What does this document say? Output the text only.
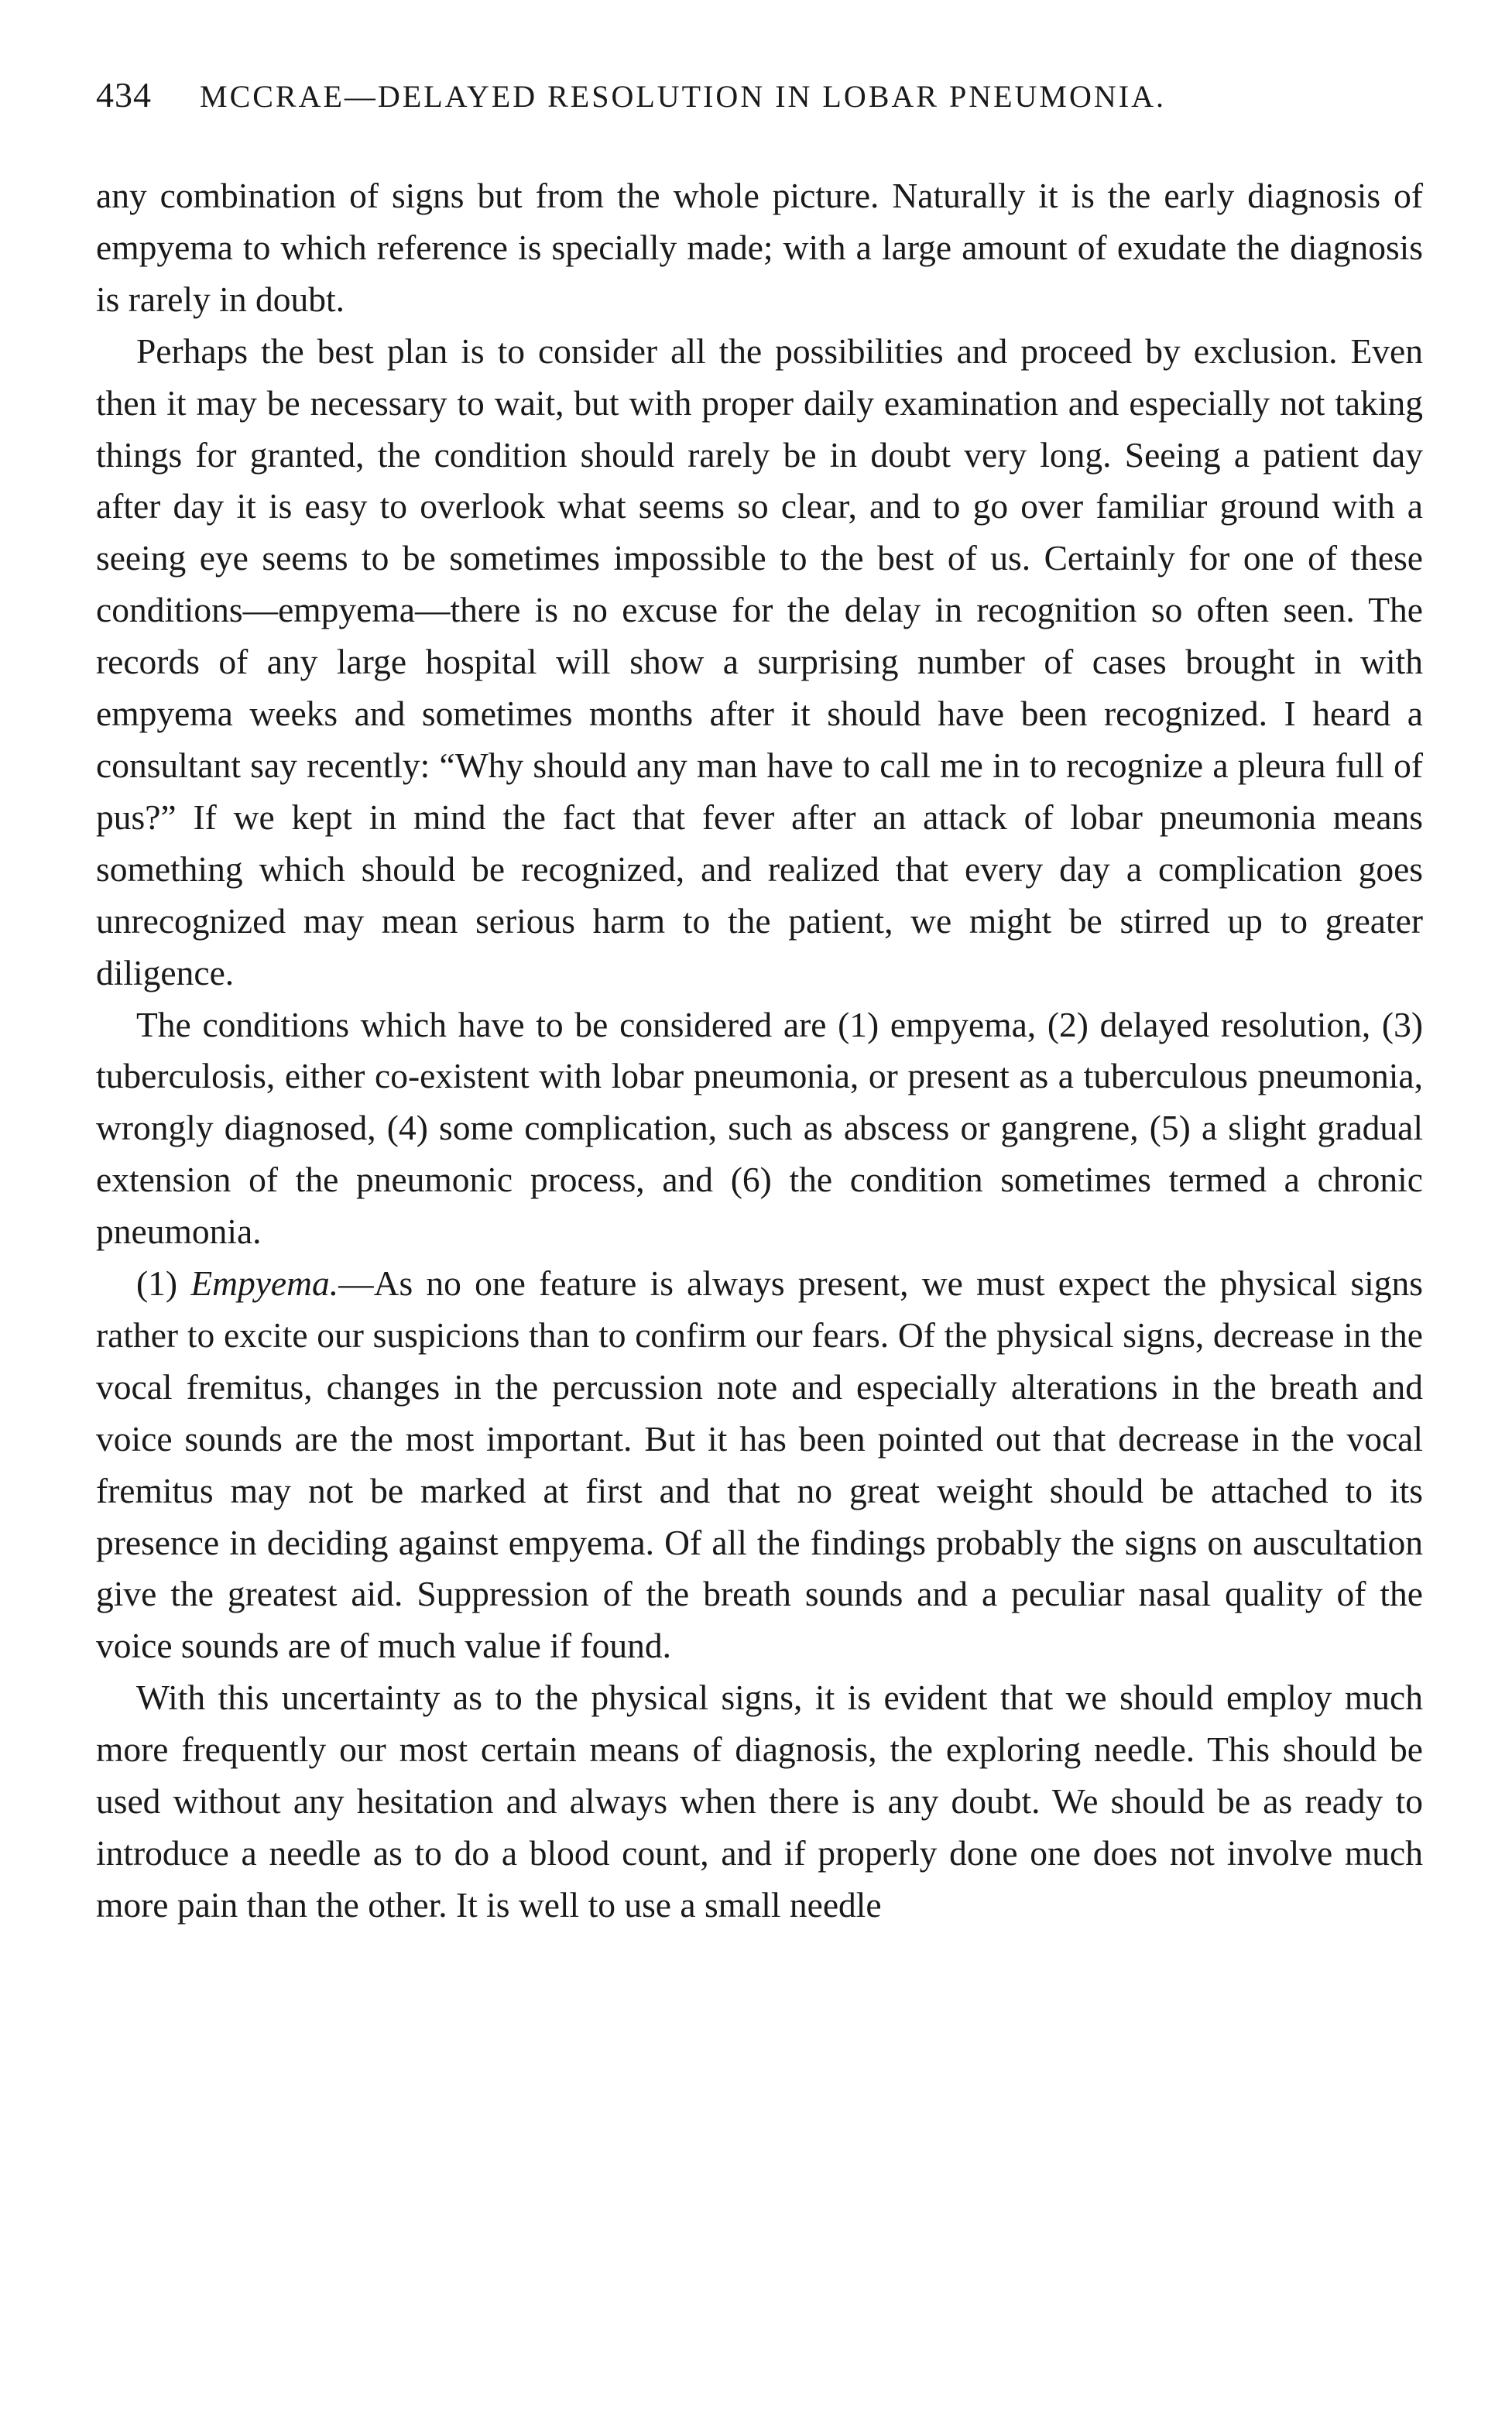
434 MCCRAE—DELAYED RESOLUTION IN LOBAR PNEUMONIA.

any combination of signs but from the whole picture. Naturally it is the early diagnosis of empyema to which reference is specially made; with a large amount of exudate the diagnosis is rarely in doubt.

Perhaps the best plan is to consider all the possibilities and proceed by exclusion. Even then it may be necessary to wait, but with proper daily examination and especially not taking things for granted, the condition should rarely be in doubt very long. Seeing a patient day after day it is easy to overlook what seems so clear, and to go over familiar ground with a seeing eye seems to be sometimes impossible to the best of us. Certainly for one of these conditions—empyema—there is no excuse for the delay in recognition so often seen. The records of any large hospital will show a surprising number of cases brought in with empyema weeks and sometimes months after it should have been recognized. I heard a consultant say recently: “Why should any man have to call me in to recognize a pleura full of pus?” If we kept in mind the fact that fever after an attack of lobar pneumonia means something which should be recognized, and realized that every day a complication goes unrecognized may mean serious harm to the patient, we might be stirred up to greater diligence.

The conditions which have to be considered are (1) empyema, (2) delayed resolution, (3) tuberculosis, either co-existent with lobar pneumonia, or present as a tuberculous pneumonia, wrongly diagnosed, (4) some complication, such as abscess or gangrene, (5) a slight gradual extension of the pneumonic process, and (6) the condition sometimes termed a chronic pneumonia.

(1) Empyema.—As no one feature is always present, we must expect the physical signs rather to excite our suspicions than to confirm our fears. Of the physical signs, decrease in the vocal fremitus, changes in the percussion note and especially alterations in the breath and voice sounds are the most important. But it has been pointed out that decrease in the vocal fremitus may not be marked at first and that no great weight should be attached to its presence in deciding against empyema. Of all the findings probably the signs on auscultation give the greatest aid. Suppression of the breath sounds and a peculiar nasal quality of the voice sounds are of much value if found.

With this uncertainty as to the physical signs, it is evident that we should employ much more frequently our most certain means of diagnosis, the exploring needle. This should be used without any hesitation and always when there is any doubt. We should be as ready to introduce a needle as to do a blood count, and if properly done one does not involve much more pain than the other. It is well to use a small needle
